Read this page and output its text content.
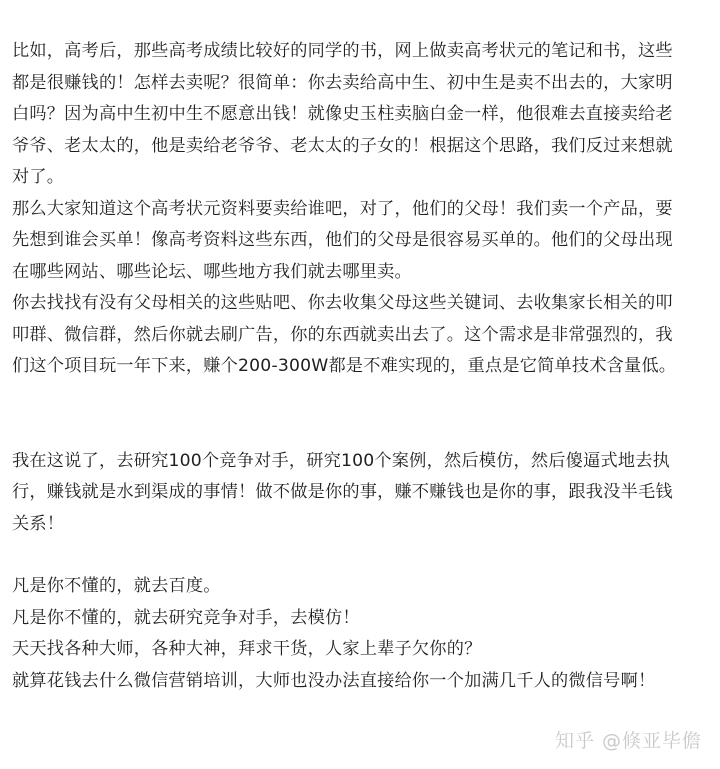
比如，高考后，那些高考成绩比较好的同学的书，网上做卖高考状元的笔记和书，这些

都是很赚钱的！怎样去卖呢？很简单：你去卖给高中生、初中生是卖不出去的，大家明

白吗？因为高中生初中生不愿意出钱！就像史玉柱卖脑白金一样，他很难去直接卖给老

爷爷、老太太的，他是卖给老爷爷、老太太的子女的！根据这个思路，我们反过来想就

对了。

那么大家知道这个高考状元资料要卖给谁吧，对了，他们的父母！我们卖一个产品，要

先想到谁会买单！像高考资料这些东西，他们的父母是很容易买单的。他们的父母出现

在哪些网站、哪些论坛、哪些地方我们就去哪里卖。

你去找找有没有父母相关的这些贴吧、你去收集父母这些关键词、去收集家长相关的叩

叩群、微信群，然后你就去刷广告，你的东西就卖出去了。这个需求是非常强烈的，我

们这个项目玩一年下来，赚个200-300W都是不难实现的，重点是它简单技术含量低。

我在这说了，去研究100个竞争对手，研究100个案例，然后模仿，然后傻逼式地去执

行，赚钱就是水到渠成的事情！做不做是你的事，赚不赚钱也是你的事，跟我没半毛钱

关系！

凡是你不懂的，就去百度。

凡是你不懂的，就去研究竞争对手，去模仿！

天天找各种大师，各种大神，拜求干货，人家上辈子欠你的？

就算花钱去什么微信营销培训，大师也没办法直接给你一个加满几千人的微信号啊！

知乎 @倏亚毕儋
